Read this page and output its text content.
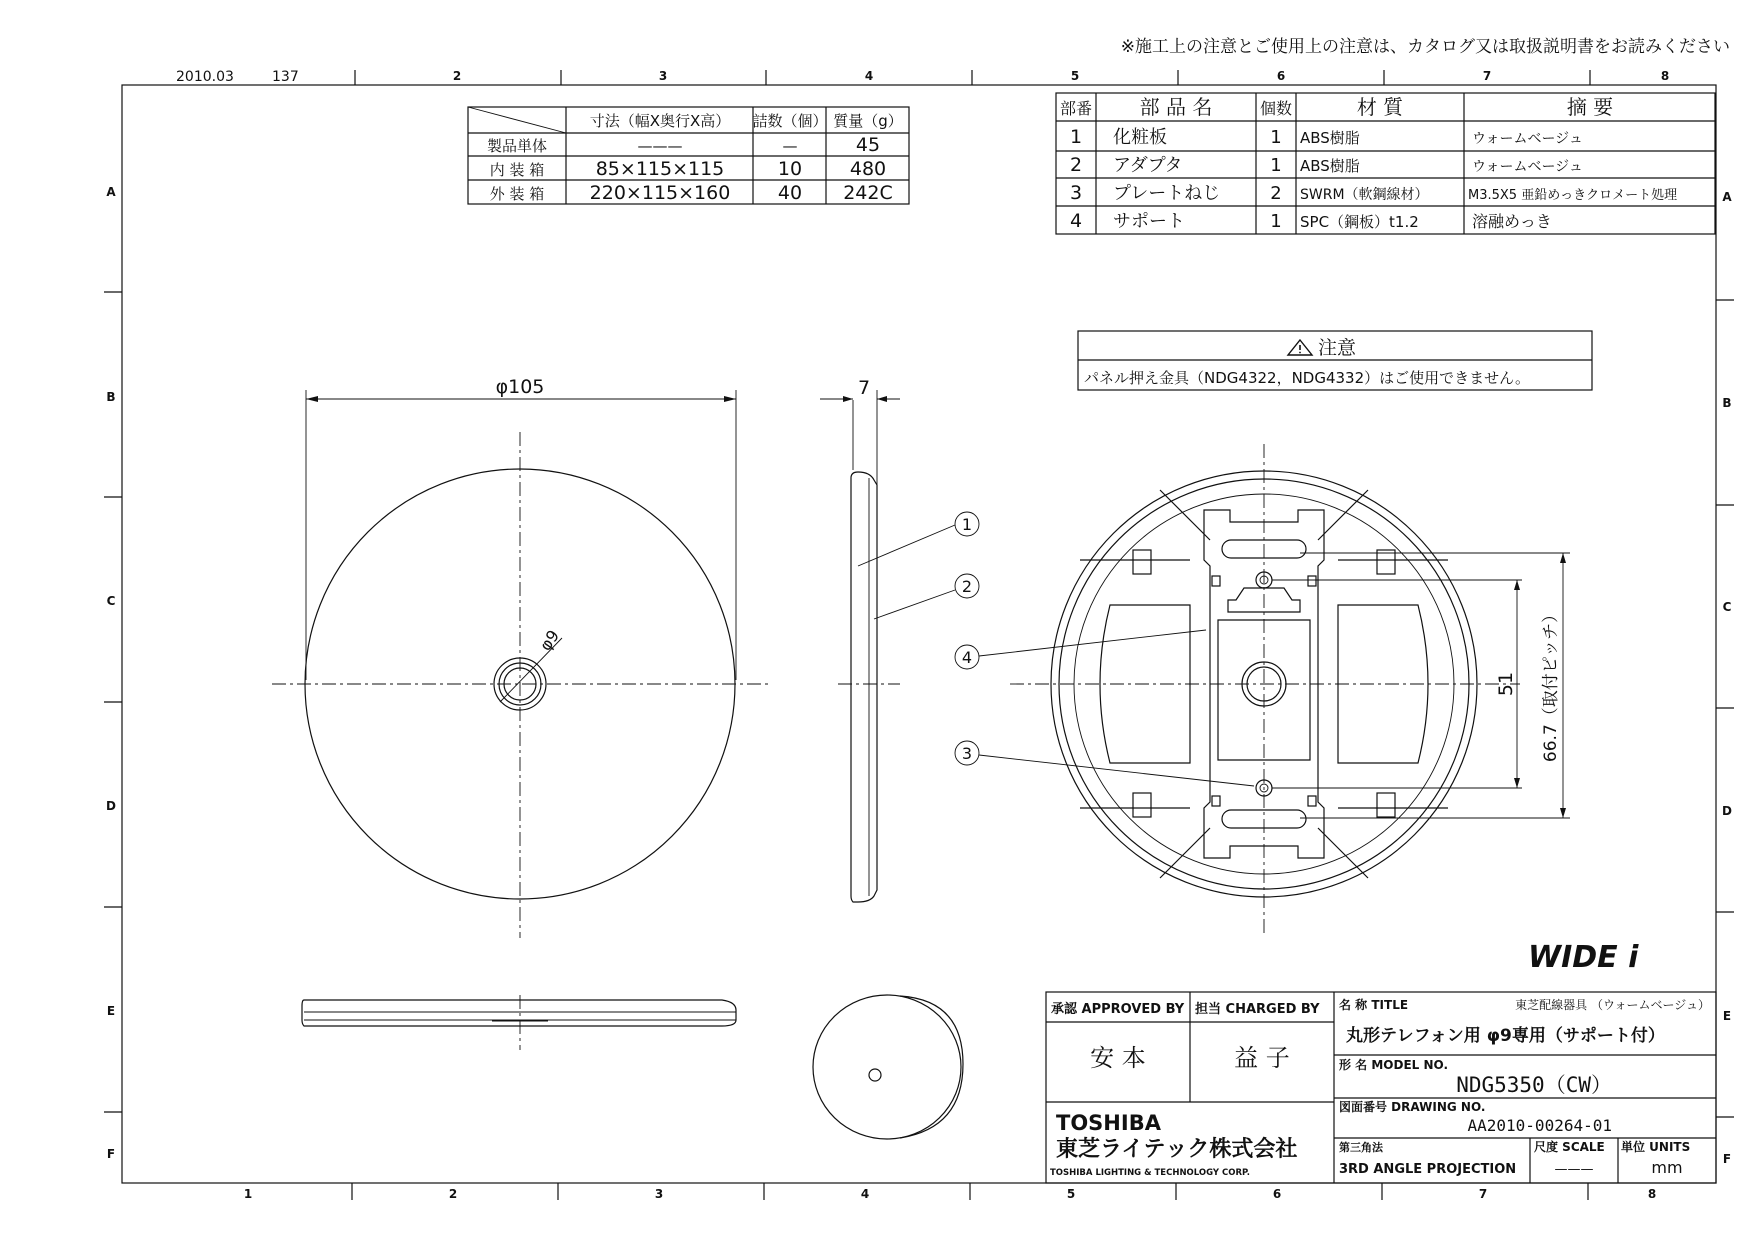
※施工上の注意とご使用上の注意は、カタログ又は取扱説明書をお読みください
2010.03	137	2	3	4	5	6	7	8
1	2	3	4	5	6	7	8
A
B
C
D
E
F
A
B
C
D
E
F
寸法（幅X奥行X高） 詰数（個） 質量（g）
製品単体	———	—	45
内 装 箱	85×115×115	10	480
外 装 箱 220×115×160	40 242C
部番 部 品 名	個数	材 質	摘 要
1 化粧板	1 ABS樹脂	ウォームベージュ
2 アダプタ	1 ABS樹脂	ウォームベージュ
3 プレートねじ	2 SWRM（軟鋼線材）	M3.5X5 亜鉛めっきクロメート処理
4 サポート	1 SPC（鋼板）t1.2	溶融めっき
注意
パネル押え金具（NDG4322，NDG4332）はご使用できません。
φ9
φ105	7
1
2
51 66.7（取付ピッチ）
4
3
WIDE i
承認 APPROVED BY
安 本
担当 CHARGED BY
益 子
名 称 TITLE	東芝配線器具 （ウォームベージュ）
丸形テレフォン用 φ9専用（サポート付）
形 名 MODEL NO.
NDG5350（CW）
図面番号 DRAWING NO.
AA2010-00264-01
第三角法
3RD ANGLE PROJECTION
尺度 SCALE
———
単位 UNITS
mm
TOSHIBA
東芝ライテック株式会社
TOSHIBA LIGHTING & TECHNOLOGY CORP.
